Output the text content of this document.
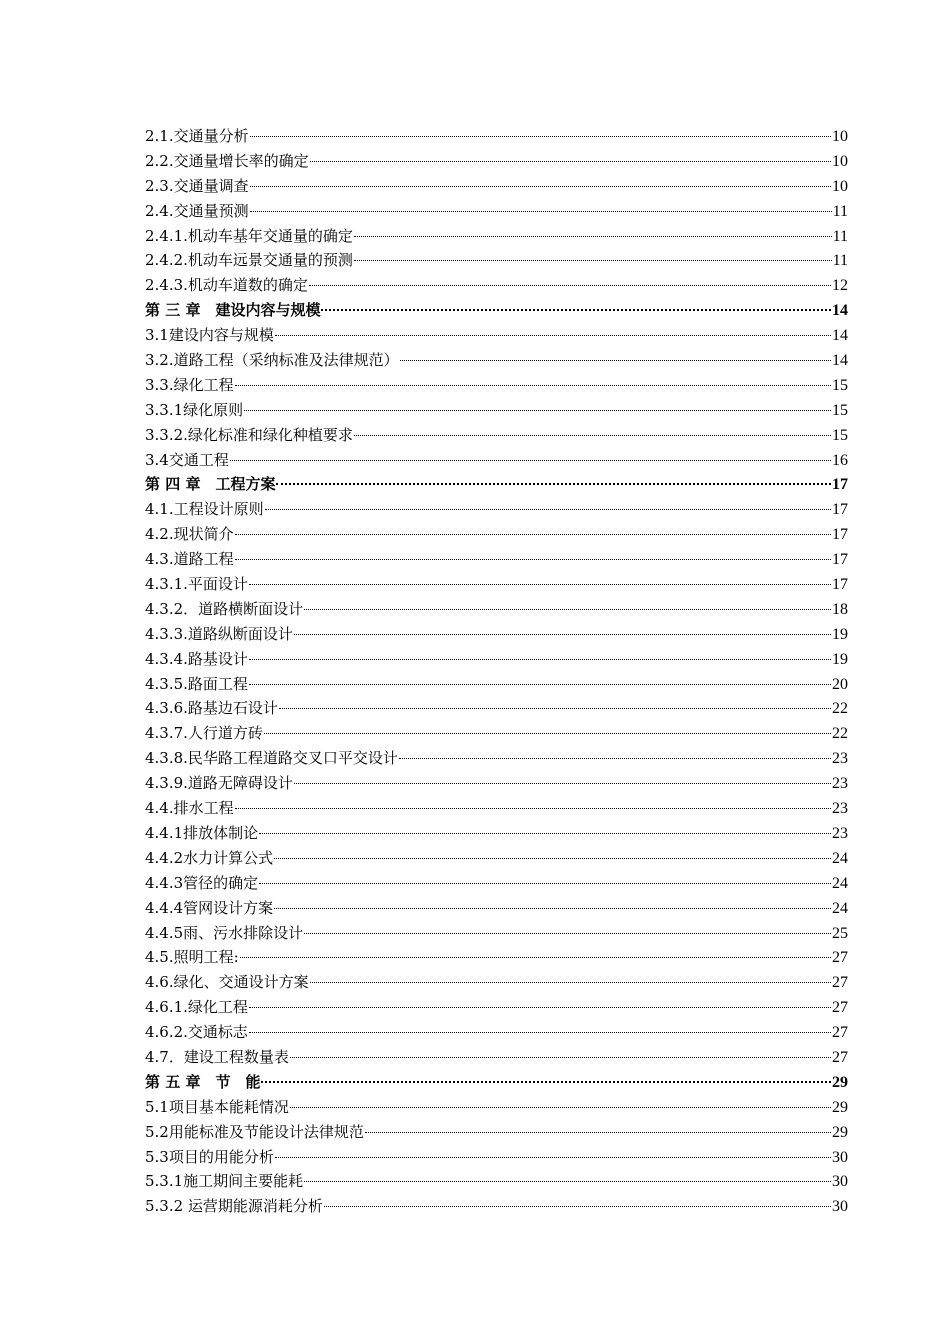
2.1.交通量分析	10
2.2.交通量增长率的确定	10
2.3.交通量调查	10
2.4.交通量预测	11
2.4.1.机动车基年交通量的确定	11
2.4.2.机动车远景交通量的预测	11
2.4.3.机动车道数的确定	12
第 三 章　建设内容与规模	14
3.1建设内容与规模	14
3.2.道路工程（采纳标准及法律规范）	14
3.3.绿化工程	15
3.3.1绿化原则	15
3.3.2.绿化标准和绿化种植要求	15
3.4交通工程	16
第 四 章　工程方案	17
4.1.工程设计原则	17
4.2.现状简介	17
4.3.道路工程	17
4.3.1.平面设计	17
4.3.2．道路横断面设计	18
4.3.3.道路纵断面设计	19
4.3.4.路基设计	19
4.3.5.路面工程	20
4.3.6.路基边石设计	22
4.3.7.人行道方砖	22
4.3.8.民华路工程道路交叉口平交设计	23
4.3.9.道路无障碍设计	23
4.4.排水工程	23
4.4.1排放体制论	23
4.4.2水力计算公式	24
4.4.3管径的确定	24
4.4.4管网设计方案	24
4.4.5雨、污水排除设计	25
4.5.照明工程:	27
4.6.绿化、交通设计方案	27
4.6.1.绿化工程	27
4.6.2.交通标志	27
4.7．建设工程数量表	27
第 五 章　节　能	29
5.1项目基本能耗情况	29
5.2用能标准及节能设计法律规范	29
5.3项目的用能分析	30
5.3.1施工期间主要能耗	30
5.3.2 运营期能源消耗分析	30
